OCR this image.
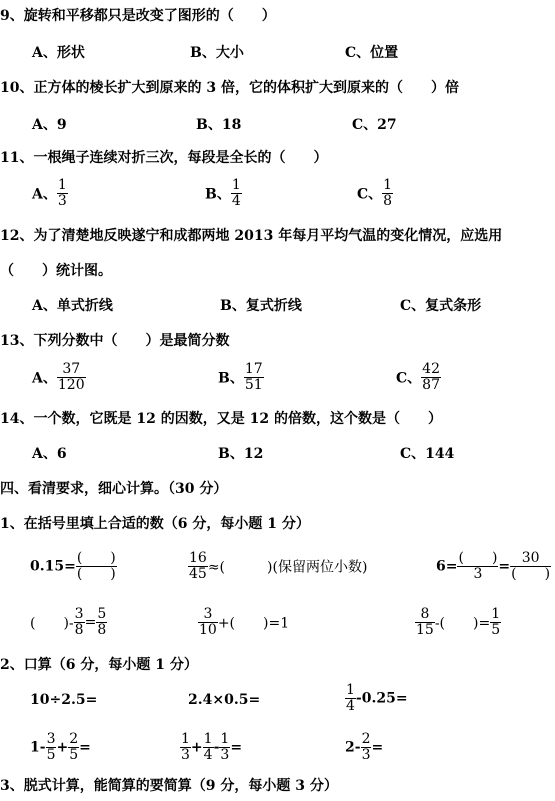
9、旋转和平移都只是改变了图形的（　　）
A、形状	B、大小	C、位置
10、正方体的棱长扩大到原来的 3 倍，它的体积扩大到原来的（　　）倍
A、9	B、18	C、27
11、一根绳子连续对折三次，每段是全长的（　　）
A、 $\frac{1}{3}$	B、 $\frac{1}{4}$	C、 $\frac{1}{8}$
12、为了清楚地反映遂宁和成都两地 2013 年每月平均气温的变化情况，应选用
（　　）统计图。
A、单式折线	B、复式折线	C、复式条形
13、下列分数中（　　）是最简分数
A、 $\frac{37}{120}$	B、 $\frac{17}{51}$	C、 $\frac{42}{87}$
14、一个数，它既是 12 的因数，又是 12 的倍数，这个数是（　　）
A、6	B、12	C、144
四、看清要求，细心计算。（30 分）
1、在括号里填上合适的数（6 分，每小题 1 分）
$0.15= \frac{( )}{( )}$	$\frac{16}{45}$ ≈(　　　)(保留两位小数)	$6= \frac{( )}{3} = \frac{30}{( )}$
(　　)- $\frac{3}{8} = \frac{5}{8}$	$\frac{3}{10}$ +(　　)=1	$\frac{8}{15}$ -(　　)= $\frac{1}{5}$
2、口算（6 分，每小题 1 分）
10÷2.5=	2.4×0.5=	$\frac{1}{4} -0.25=$
$1- \frac{3}{5} + \frac{2}{5}$ =	$\frac{1}{3} + \frac{1}{4} - \frac{1}{3}$ =	$2- \frac{2}{3}$ =
3、脱式计算，能简算的要简算（9 分，每小题 3 分）
